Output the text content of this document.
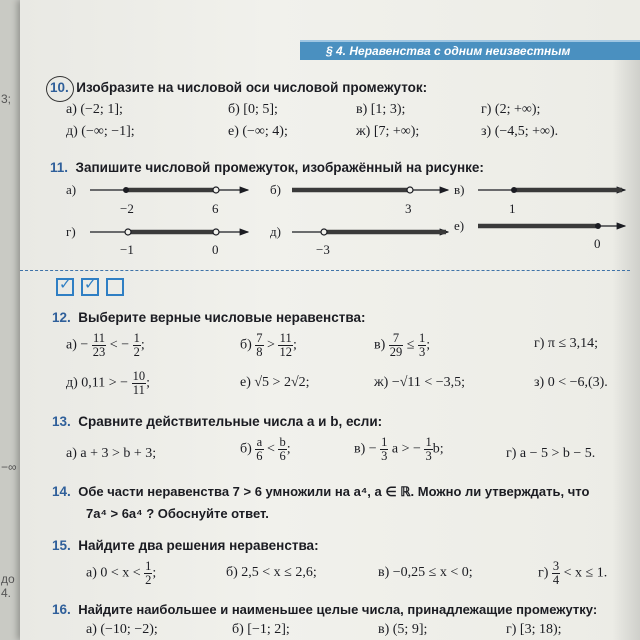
3;
−∞
до 4.
§ 4. Неравенства с одним неизвестным
10. Изобразите на числовой оси числовой промежуток:
а) (−2; 1];	б) [0; 5];	в) [1; 3);	г) (2; +∞);
д) (−∞; −1];	е) (−∞; 4);	ж) [7; +∞);	з) (−4,5; +∞).
11. Запишите числовой промежуток, изображённый на рисунке:
а)
−2	6
б)
3
в)
1
г)
−1	0
д)
−3
е)
0
✓
✓

12. Выберите верные числовые неравенства:
$а) - \frac{11}{23}$ < − $\frac{1}{2}$ ;	$б) \frac{7}{8} > \frac{11}{12}$ ;	$в) \frac{7}{29} \le \frac{1}{3}$ ;	г) π ≤ 3,14;
д) 0,11 > − $\frac{10}{11}$ ;	е) √5 > 2√2;	ж) −√11 < −3,5;	з) 0 < −6,(3).
13. Сравните действительные числа a и b, если:
а) a + 3 > b + 3;	$б) \frac{a}{6} < \frac{b}{6}$ ;	$в) - \frac{1}{3}$ a > − $\frac{1}{3} b$;	г) a − 5 > b − 5.
14. Обе части неравенства 7 > 6 умножили на a⁴, a ∈ ℝ. Можно ли утверждать, что
7a⁴ > 6a⁴ ? Обоснуйте ответ.
15. Найдите два решения неравенства:
а) $0 < x < \frac{1}{2}$ ;	б) 2,5 < x ≤ 2,6;	в) −0,25 ≤ x < 0;	$г) \frac{3}{4} < x \le 1$.
16. Найдите наибольшее и наименьшее целые числа, принадлежащие промежутку:
а) (−10; −2);	б) [−1; 2];	в) (5; 9];	г) [3; 18);
